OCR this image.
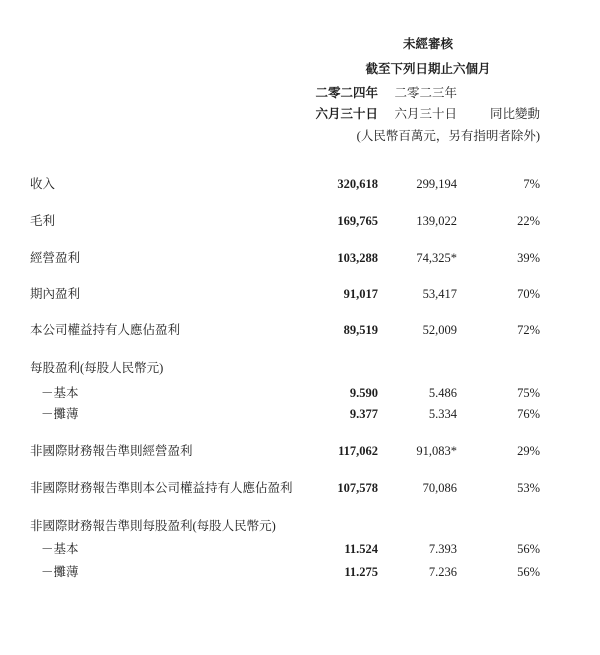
未經審核
截至下列日期止六個月
二零二四年	二零二三年
六月三十日	六月三十日	同比變動
(人民幣百萬元，另有指明者除外)
收入	320,618	299,194	7%
毛利	169,765	139,022	22%
經營盈利	103,288	74,325*	39%
期內盈利	91,017	53,417	70%
本公司權益持有人應佔盈利	89,519	52,009	72%
每股盈利(每股人民幣元)
－基本	9.590	5.486	75%
－攤薄	9.377	5.334	76%
非國際財務報告準則經營盈利	117,062	91,083*	29%
非國際財務報告準則本公司權益持有人應佔盈利	107,578	70,086	53%
非國際財務報告準則每股盈利(每股人民幣元)
－基本	11.524	7.393	56%
－攤薄	11.275	7.236	56%
